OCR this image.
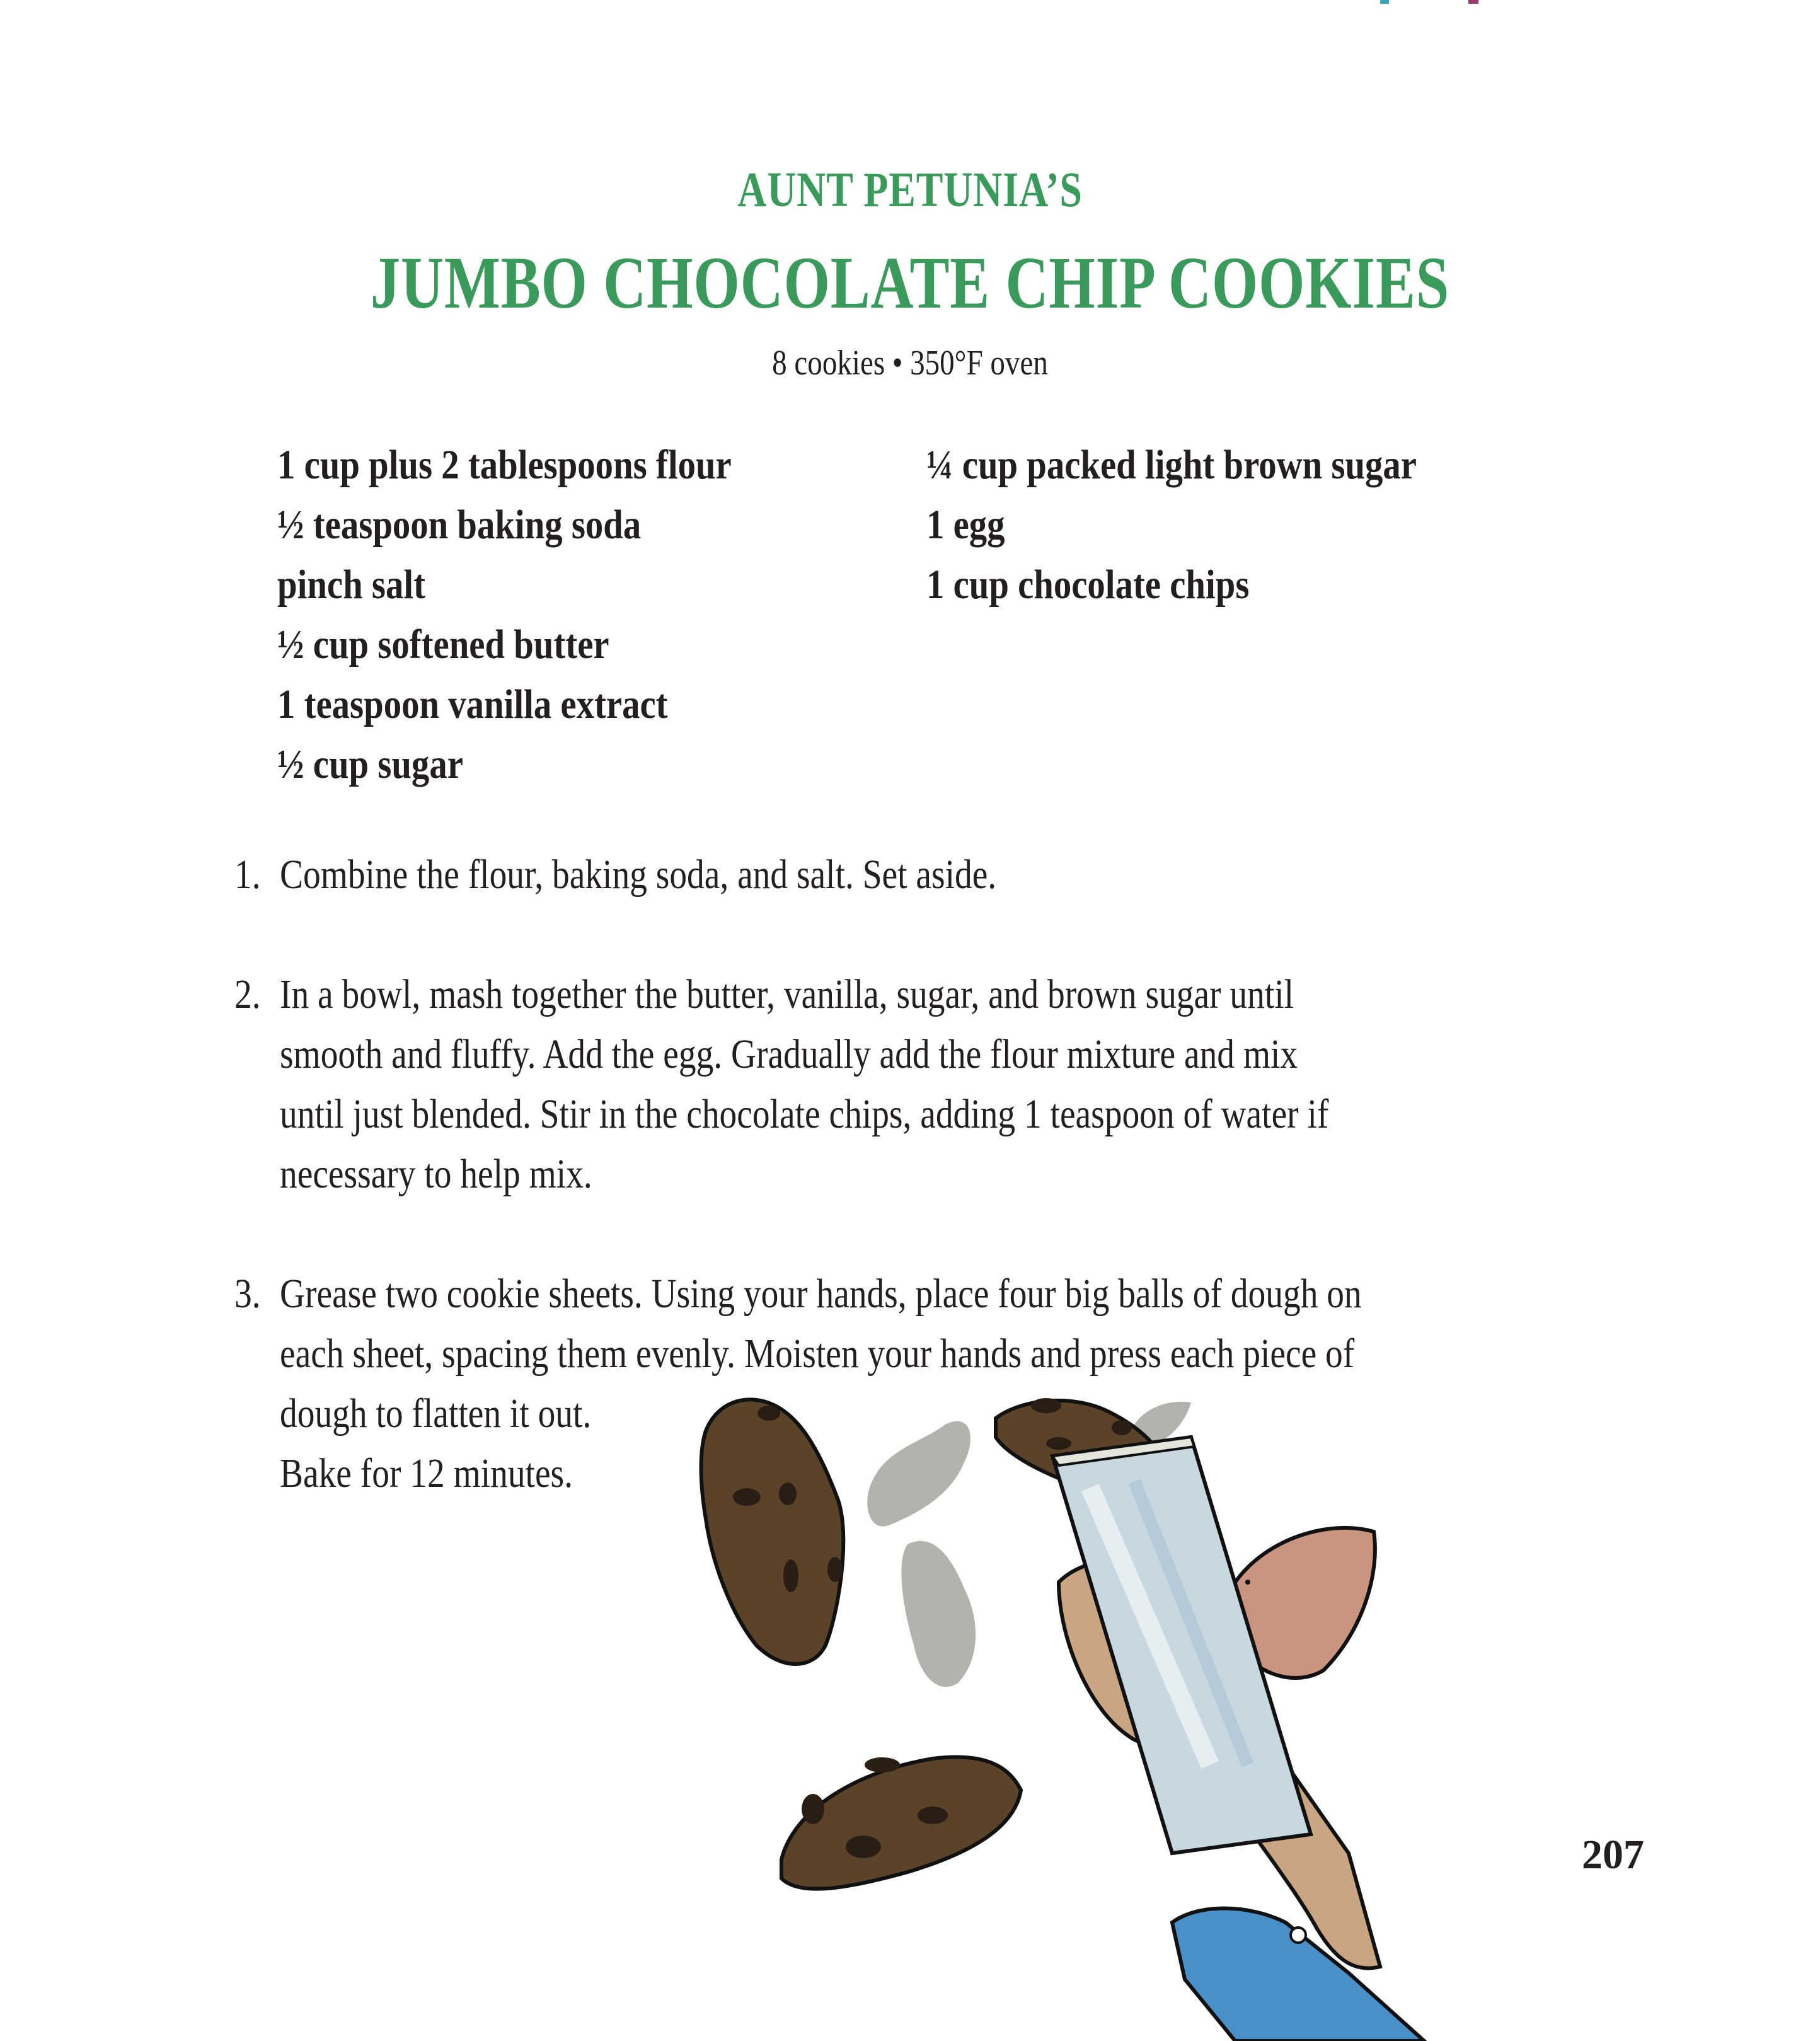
AUNT PETUNIA’S
JUMBO CHOCOLATE CHIP COOKIES
8 cookies • 350°F oven
1 cup plus 2 tablespoons flour
½ teaspoon baking soda
pinch salt
½ cup softened butter
1 teaspoon vanilla extract
½ cup sugar
¼ cup packed light brown sugar
1 egg
1 cup chocolate chips
1. Combine the flour, baking soda, and salt. Set aside.
2. In a bowl, mash together the butter, vanilla, sugar, and brown sugar until
smooth and fluffy. Add the egg. Gradually add the flour mixture and mix
until just blended. Stir in the chocolate chips, adding 1 teaspoon of water if
necessary to help mix.
3. Grease two cookie sheets. Using your hands, place four big balls of dough on
each sheet, spacing them evenly. Moisten your hands and press each piece of
dough to flatten it out.
Bake for 12 minutes.
207
